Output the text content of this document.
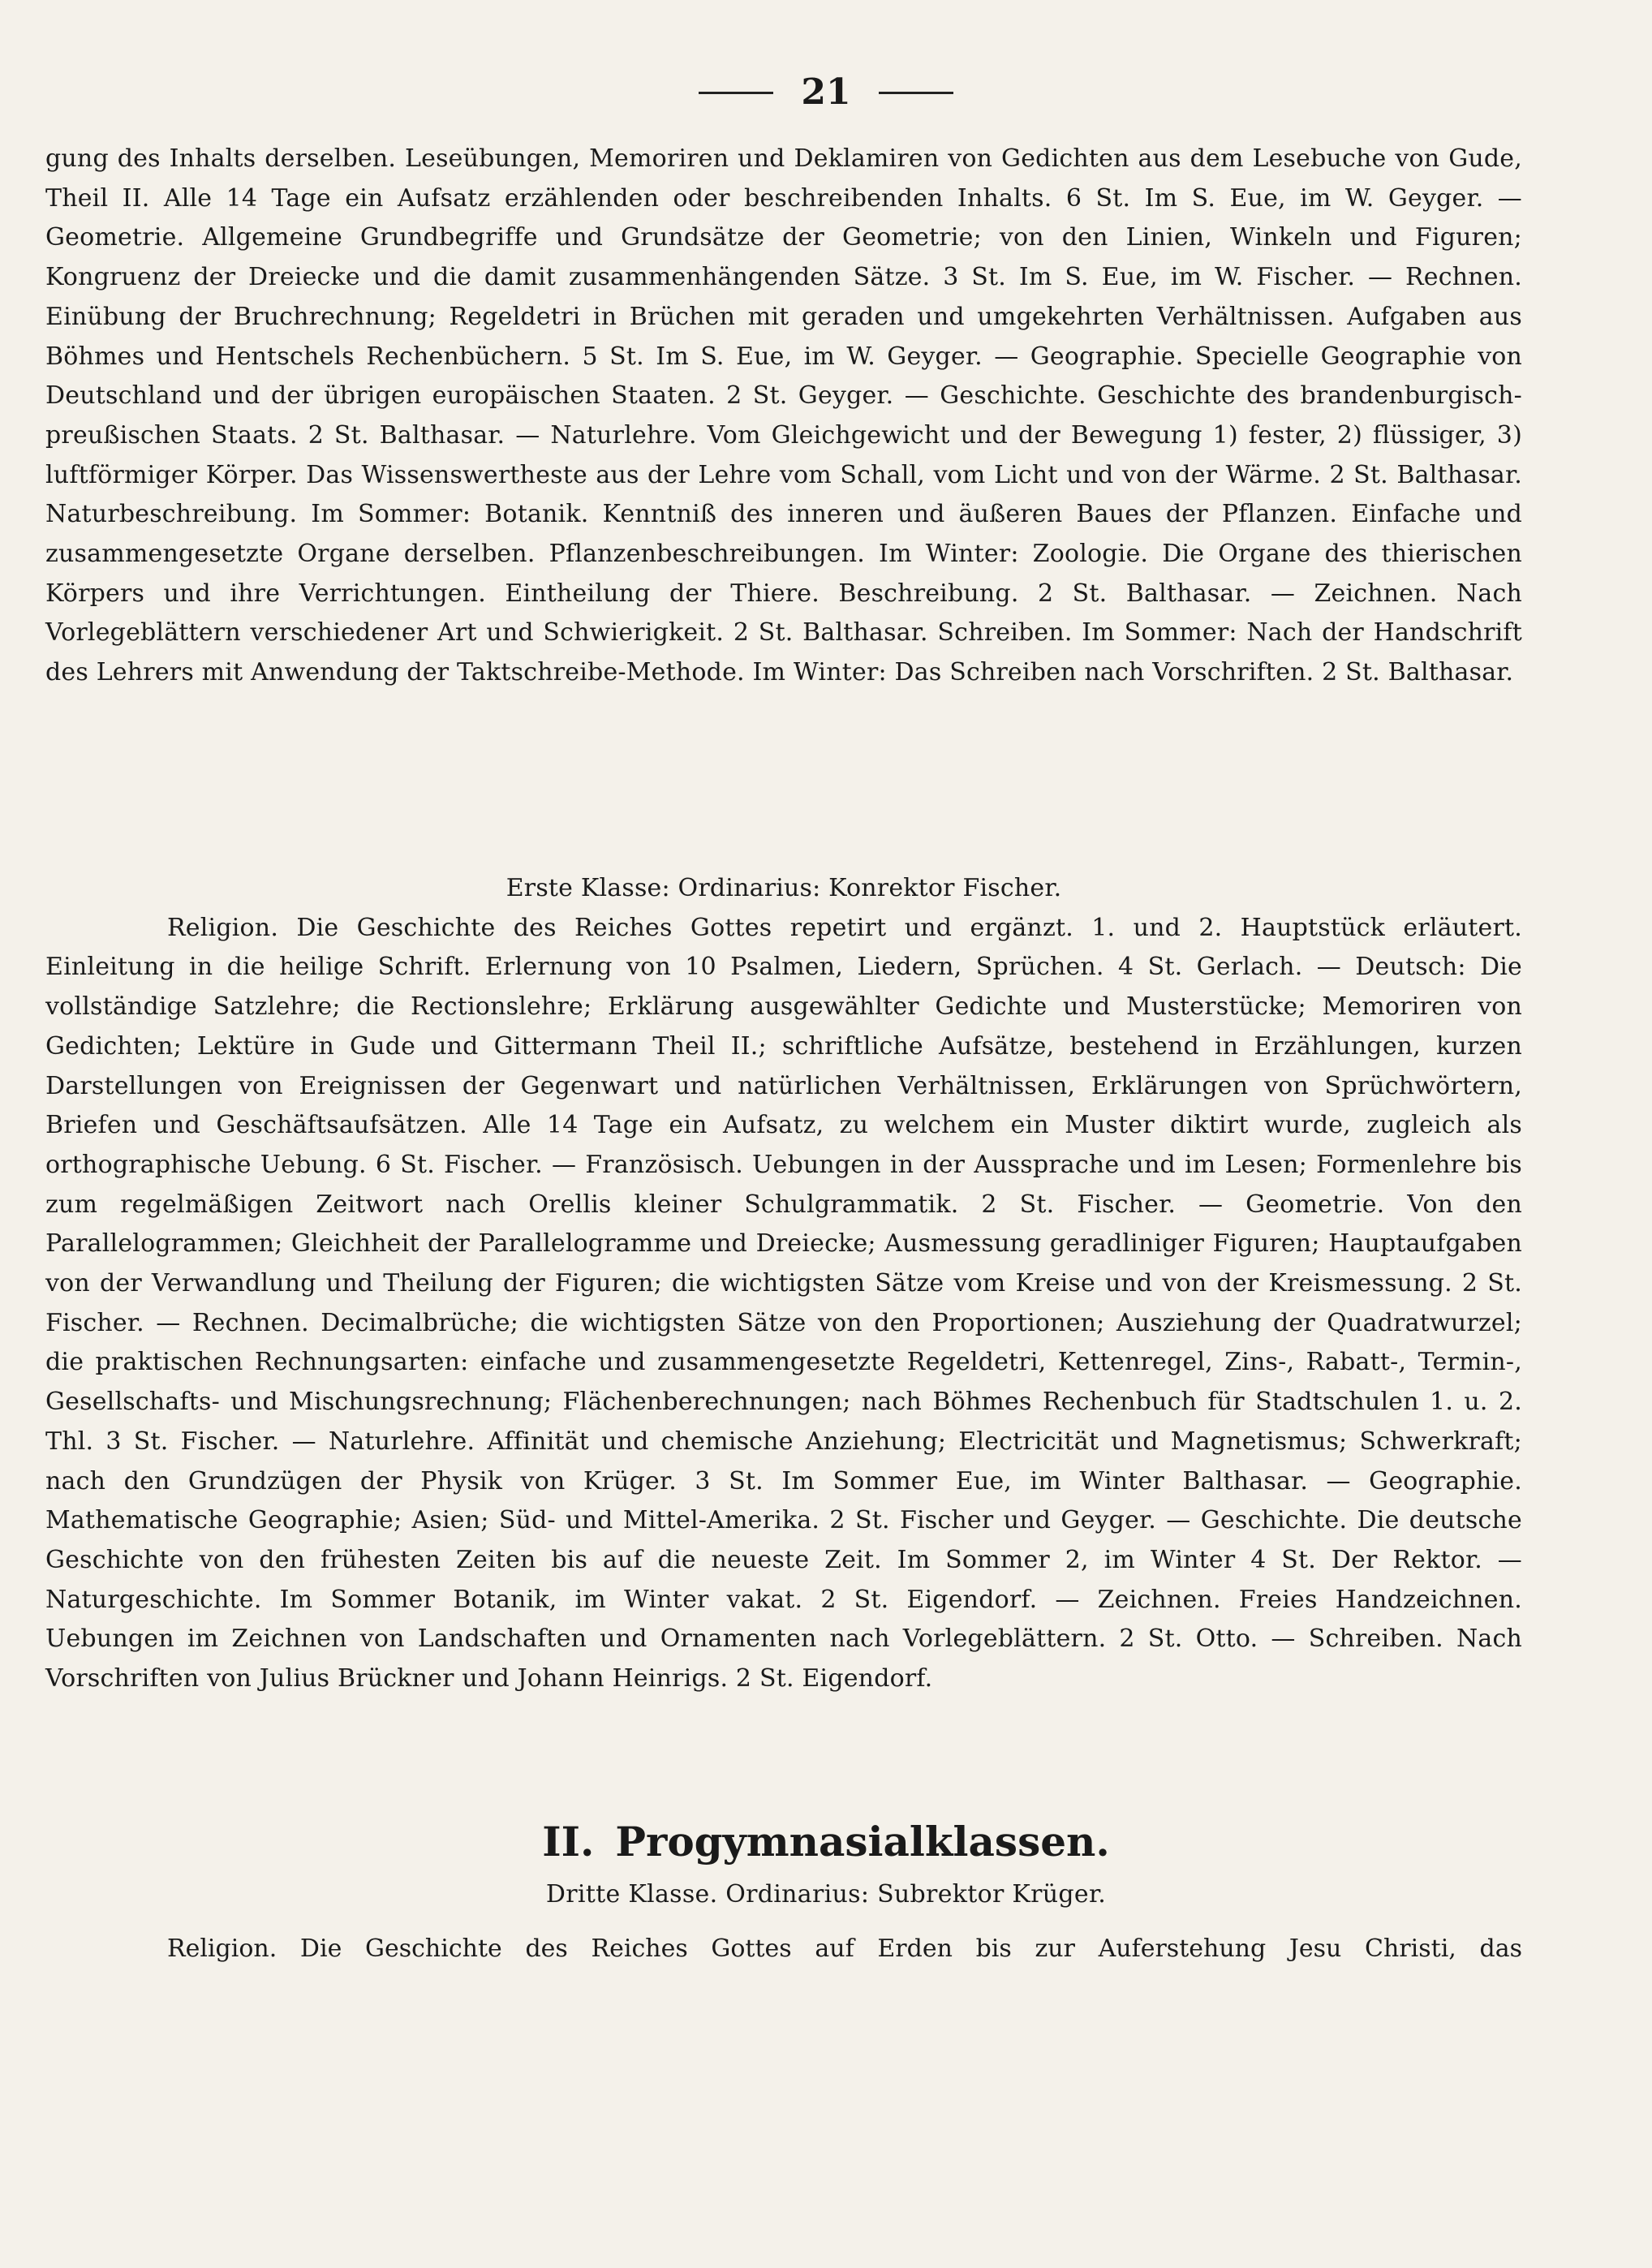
21

gung des Inhalts derselben. Leseübungen, Memoriren und Deklamiren von Gedichten aus dem Lesebuche von Gude, Theil II. Alle 14 Tage ein Aufsatz erzählenden oder beschreibenden Inhalts. 6 St. Im S. Eue, im W. Geyger. — Geometrie. Allgemeine Grundbegriffe und Grundsätze der Geometrie; von den Linien, Winkeln und Figuren; Kongruenz der Dreiecke und die damit zusammenhängenden Sätze. 3 St. Im S. Eue, im W. Fischer. — Rechnen. Einübung der Bruchrechnung; Regeldetri in Brüchen mit geraden und umgekehrten Verhältnissen. Aufgaben aus Böhmes und Hentschels Rechenbüchern. 5 St. Im S. Eue, im W. Geyger. — Geographie. Specielle Geographie von Deutschland und der übrigen europäischen Staaten. 2 St. Geyger. — Geschichte. Geschichte des brandenburgisch-preußischen Staats. 2 St. Balthasar. — Naturlehre. Vom Gleichgewicht und der Bewegung 1) fester, 2) flüssiger, 3) luftförmiger Körper. Das Wissenswertheste aus der Lehre vom Schall, vom Licht und von der Wärme. 2 St. Balthasar. Naturbeschreibung. Im Sommer: Botanik. Kenntniß des inneren und äußeren Baues der Pflanzen. Einfache und zusammengesetzte Organe derselben. Pflanzenbeschreibungen. Im Winter: Zoologie. Die Organe des thierischen Körpers und ihre Verrichtungen. Eintheilung der Thiere. Beschreibung. 2 St. Balthasar. — Zeichnen. Nach Vorlegeblättern verschiedener Art und Schwierigkeit. 2 St. Balthasar. Schreiben. Im Sommer: Nach der Handschrift des Lehrers mit Anwendung der Taktschreibe-Methode. Im Winter: Das Schreiben nach Vorschriften. 2 St. Balthasar.

Erste Klasse: Ordinarius: Konrektor Fischer.

Religion. Die Geschichte des Reiches Gottes repetirt und ergänzt. 1. und 2. Hauptstück erläutert. Einleitung in die heilige Schrift. Erlernung von 10 Psalmen, Liedern, Sprüchen. 4 St. Gerlach. — Deutsch: Die vollständige Satzlehre; die Rectionslehre; Erklärung ausgewählter Gedichte und Musterstücke; Memoriren von Gedichten; Lektüre in Gude und Gittermann Theil II.; schriftliche Aufsätze, bestehend in Erzählungen, kurzen Darstellungen von Ereignissen der Gegenwart und natürlichen Verhältnissen, Erklärungen von Sprüchwörtern, Briefen und Geschäftsaufsätzen. Alle 14 Tage ein Aufsatz, zu welchem ein Muster diktirt wurde, zugleich als orthographische Uebung. 6 St. Fischer. — Französisch. Uebungen in der Aussprache und im Lesen; Formenlehre bis zum regelmäßigen Zeitwort nach Orellis kleiner Schulgrammatik. 2 St. Fischer. — Geometrie. Von den Parallelogrammen; Gleichheit der Parallelogramme und Dreiecke; Ausmessung geradliniger Figuren; Hauptaufgaben von der Verwandlung und Theilung der Figuren; die wichtigsten Sätze vom Kreise und von der Kreismessung. 2 St. Fischer. — Rechnen. Decimalbrüche; die wichtigsten Sätze von den Proportionen; Ausziehung der Quadratwurzel; die praktischen Rechnungsarten: einfache und zusammengesetzte Regeldetri, Kettenregel, Zins-, Rabatt-, Termin-, Gesellschafts- und Mischungsrechnung; Flächenberechnungen; nach Böhmes Rechenbuch für Stadtschulen 1. u. 2. Thl. 3 St. Fischer. — Naturlehre. Affinität und chemische Anziehung; Electricität und Magnetismus; Schwerkraft; nach den Grundzügen der Physik von Krüger. 3 St. Im Sommer Eue, im Winter Balthasar. — Geographie. Mathematische Geographie; Asien; Süd- und Mittel-Amerika. 2 St. Fischer und Geyger. — Geschichte. Die deutsche Geschichte von den frühesten Zeiten bis auf die neueste Zeit. Im Sommer 2, im Winter 4 St. Der Rektor. — Naturgeschichte. Im Sommer Botanik, im Winter vakat. 2 St. Eigendorf. — Zeichnen. Freies Handzeichnen. Uebungen im Zeichnen von Landschaften und Ornamenten nach Vorlegeblättern. 2 St. Otto. — Schreiben. Nach Vorschriften von Julius Brückner und Johann Heinrigs. 2 St. Eigendorf.

II. Progymnasialklassen.
Dritte Klasse. Ordinarius: Subrektor Krüger.
Religion. Die Geschichte des Reiches Gottes auf Erden bis zur Auferstehung Jesu Christi, das
